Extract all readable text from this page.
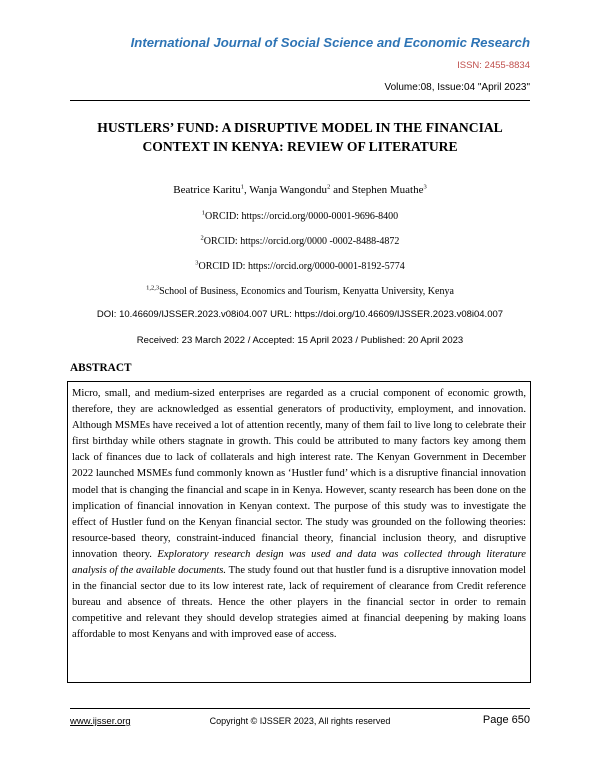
International Journal of Social Science and Economic Research
ISSN: 2455-8834
Volume:08, Issue:04 "April 2023"
HUSTLERS’ FUND: A DISRUPTIVE MODEL IN THE FINANCIAL CONTEXT IN KENYA: REVIEW OF LITERATURE
Beatrice Karitu$^1$, Wanja Wangondu$^2$ and Stephen Muathe$^3$
$^1$ORCID: https://orcid.org/0000-0001-9696-8400
$^2$ORCID: https://orcid.org/0000 -0002-8488-4872
$^3$ORCID ID: https://orcid.org/0000-0001-8192-5774
$^{1,2,3}$School of Business, Economics and Tourism, Kenyatta University, Kenya
DOI: 10.46609/IJSSER.2023.v08i04.007 URL: https://doi.org/10.46609/IJSSER.2023.v08i04.007
Received: 23 March 2022 / Accepted: 15 April 2023 / Published: 20 April 2023
ABSTRACT
Micro, small, and medium-sized enterprises are regarded as a crucial component of economic growth, therefore, they are acknowledged as essential generators of productivity, employment, and innovation. Although MSMEs have received a lot of attention recently, many of them fail to live long to celebrate their first birthday while others stagnate in growth. This could be attributed to many factors key among them lack of finances due to lack of collaterals and high interest rate. The Kenyan Government in December 2022 launched MSMEs fund commonly known as ‘Hustler fund’ which is a disruptive financial innovation model that is changing the financial and scape in in Kenya. However, scanty research has been done on the implication of financial innovation in Kenyan context. The purpose of this study was to investigate the effect of Hustler fund on the Kenyan financial sector. The study was grounded on the following theories: resource-based theory, constraint-induced financial theory, financial inclusion theory, and disruptive innovation theory. Exploratory research design was used and data was collected through literature analysis of the available documents. The study found out that hustler fund is a disruptive innovation model in the financial sector due to its low interest rate, lack of requirement of clearance from Credit reference bureau and absence of threats. Hence the other players in the financial sector in order to remain competitive and relevant they should develop strategies aimed at financial deepening by making loans affordable to most Kenyans and with improved ease of access.
www.ijsser.org	Copyright © IJSSER 2023, All rights reserved	Page 650
